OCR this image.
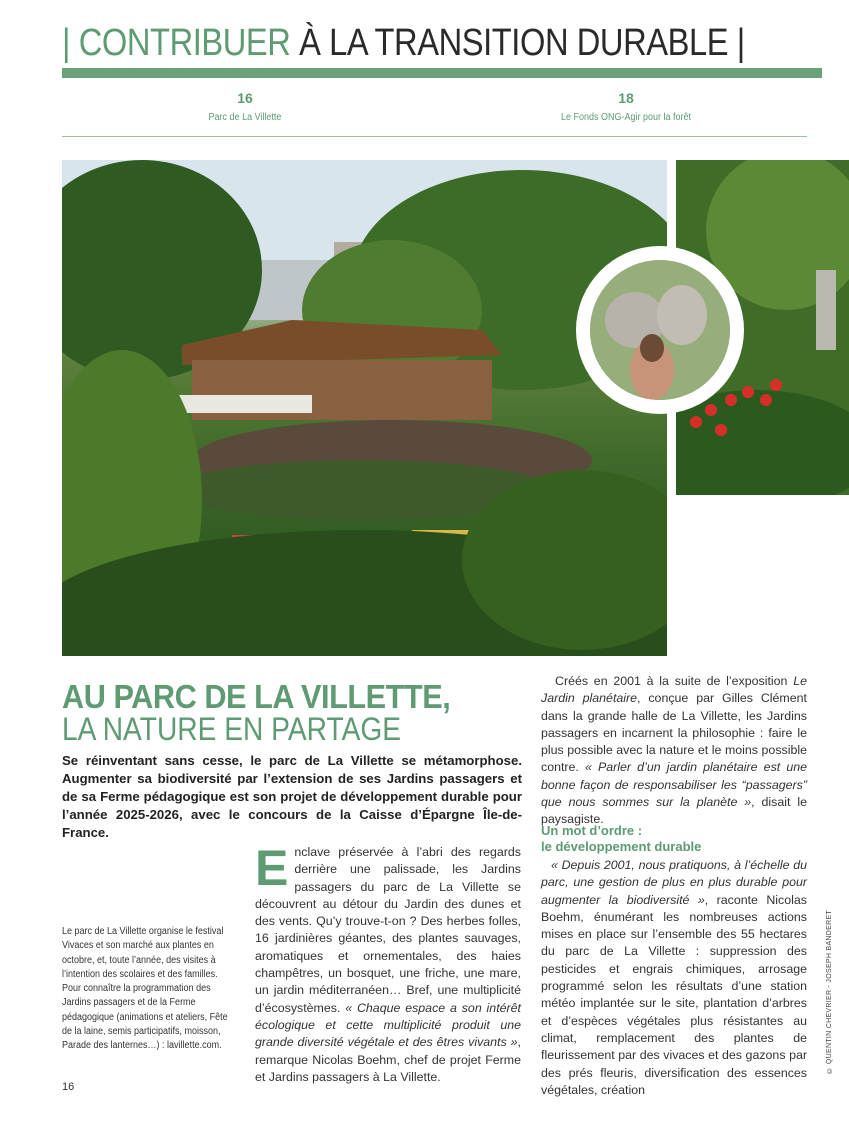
| CONTRIBUER À LA TRANSITION DURABLE |
16
Parc de La Villette
18
Le Fonds ONG-Agir pour la forêt
AU PARC DE LA VILLETTE,
LA NATURE EN PARTAGE
Se réinventant sans cesse, le parc de La Villette se métamorphose. Augmenter sa biodiversité par l’extension de ses Jardins passagers et de sa Ferme pédagogique est son projet de développement durable pour l’année 2025-2026, avec le concours de la Caisse d’Épargne Île-de-France.
Enclave préservée à l’abri des regards derrière une palissade, les Jardins passagers du parc de La Villette se découvrent au détour du Jardin des dunes et des vents. Qu’y trouve-t-on ? Des herbes folles, 16 jardinières géantes, des plantes sauvages, aromatiques et ornementales, des haies champêtres, un bosquet, une friche, une mare, un jardin méditerranéen… Bref, une multiplicité d’écosystèmes. « Chaque espace a son intérêt écologique et cette multiplicité produit une grande diversité végétale et des êtres vivants », remarque Nicolas Boehm, chef de projet Ferme et Jardins passagers à La Villette.
Créés en 2001 à la suite de l’exposition Le Jardin planétaire, conçue par Gilles Clément dans la grande halle de La Villette, les Jardins passagers en incarnent la philosophie : faire le plus possible avec la nature et le moins possible contre. « Parler d’un jardin planétaire est une bonne façon de responsabiliser les “passagers” que nous sommes sur la planète », disait le paysagiste.
Un mot d’ordre :
le développement durable
« Depuis 2001, nous pratiquons, à l’échelle du parc, une gestion de plus en plus durable pour augmenter la biodiversité », raconte Nicolas Boehm, énumérant les nombreuses actions mises en place sur l’ensemble des 55 hectares du parc de La Villette : suppression des pesticides et engrais chimiques, arrosage programmé selon les résultats d’une station météo implantée sur le site, plantation d’arbres et d’espèces végétales plus résistantes au climat, remplacement des plantes de fleurissement par des vivaces et des gazons par des prés fleuris, diversification des essences végétales, création
Le parc de La Villette organise le festival Vivaces et son marché aux plantes en octobre, et, toute l’année, des visites à l’intention des scolaires et des familles. Pour connaître la programmation des Jardins passagers et de la Ferme pédagogique (animations et ateliers, Fête de la laine, semis participatifs, moisson, Parade des lanternes…) : lavillette.com.
16
© QUENTIN CHEVRIER - JOSEPH BANDERET
